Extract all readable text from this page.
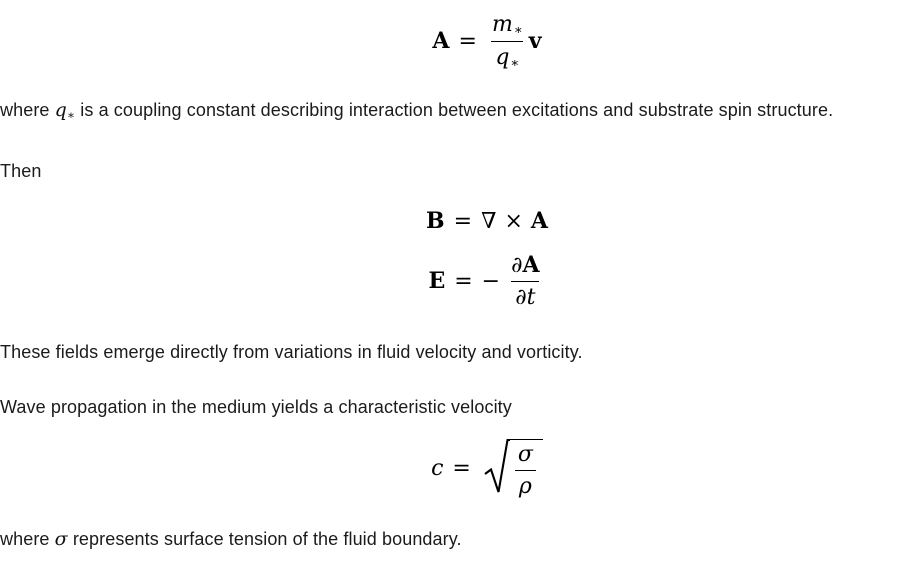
$A = \frac{m∗}{q∗}$ v

where q∗ is a coupling constant describing interaction between excitations and substrate spin structure.

Then

B = ∇ × A
E = − $\frac{\partial A}{\partial t}$

These fields emerge directly from variations in fluid velocity and vorticity.

Wave propagation in the medium yields a characteristic velocity

$c = \frac{\sigma}{\rho}$

where σ represents surface tension of the fluid boundary.
